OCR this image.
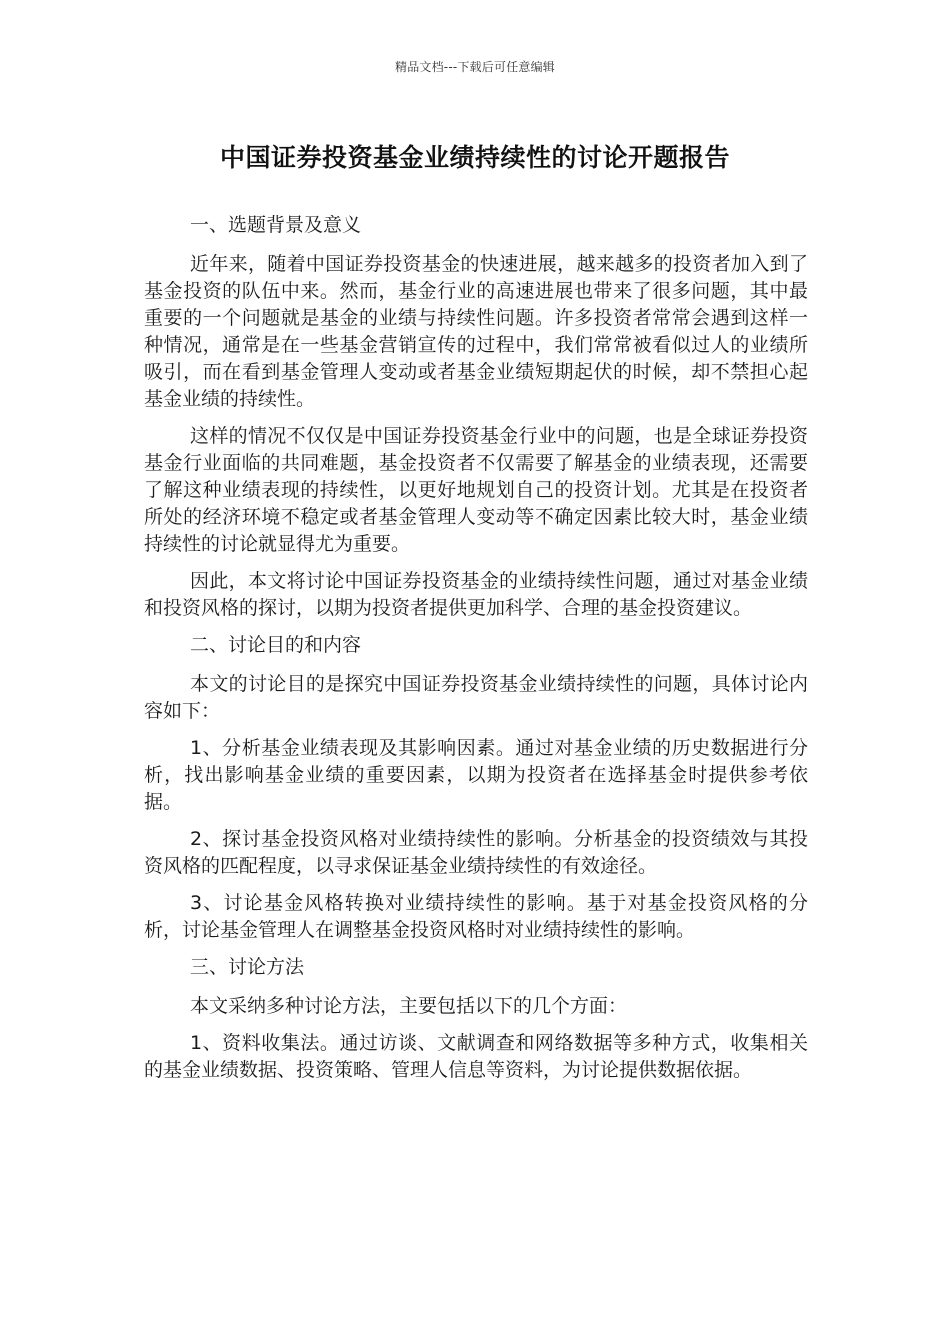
精品文档---下载后可任意编辑
中国证券投资基金业绩持续性的讨论开题报告

一、选题背景及意义

近年来，随着中国证券投资基金的快速进展，越来越多的投资者加入到了基金投资的队伍中来。然而，基金行业的高速进展也带来了很多问题，其中最重要的一个问题就是基金的业绩与持续性问题。许多投资者常常会遇到这样一种情况，通常是在一些基金营销宣传的过程中，我们常常被看似过人的业绩所吸引，而在看到基金管理人变动或者基金业绩短期起伏的时候，却不禁担心起基金业绩的持续性。

这样的情况不仅仅是中国证券投资基金行业中的问题，也是全球证券投资基金行业面临的共同难题，基金投资者不仅需要了解基金的业绩表现，还需要了解这种业绩表现的持续性，以更好地规划自己的投资计划。尤其是在投资者所处的经济环境不稳定或者基金管理人变动等不确定因素比较大时，基金业绩持续性的讨论就显得尤为重要。

因此，本文将讨论中国证券投资基金的业绩持续性问题，通过对基金业绩和投资风格的探讨，以期为投资者提供更加科学、合理的基金投资建议。

二、讨论目的和内容

本文的讨论目的是探究中国证券投资基金业绩持续性的问题，具体讨论内容如下：

1、分析基金业绩表现及其影响因素。通过对基金业绩的历史数据进行分析，找出影响基金业绩的重要因素，以期为投资者在选择基金时提供参考依据。

2、探讨基金投资风格对业绩持续性的影响。分析基金的投资绩效与其投资风格的匹配程度，以寻求保证基金业绩持续性的有效途径。

3、讨论基金风格转换对业绩持续性的影响。基于对基金投资风格的分析，讨论基金管理人在调整基金投资风格时对业绩持续性的影响。

三、讨论方法

本文采纳多种讨论方法，主要包括以下的几个方面：

1、资料收集法。通过访谈、文献调查和网络数据等多种方式，收集相关的基金业绩数据、投资策略、管理人信息等资料，为讨论提供数据依据。
